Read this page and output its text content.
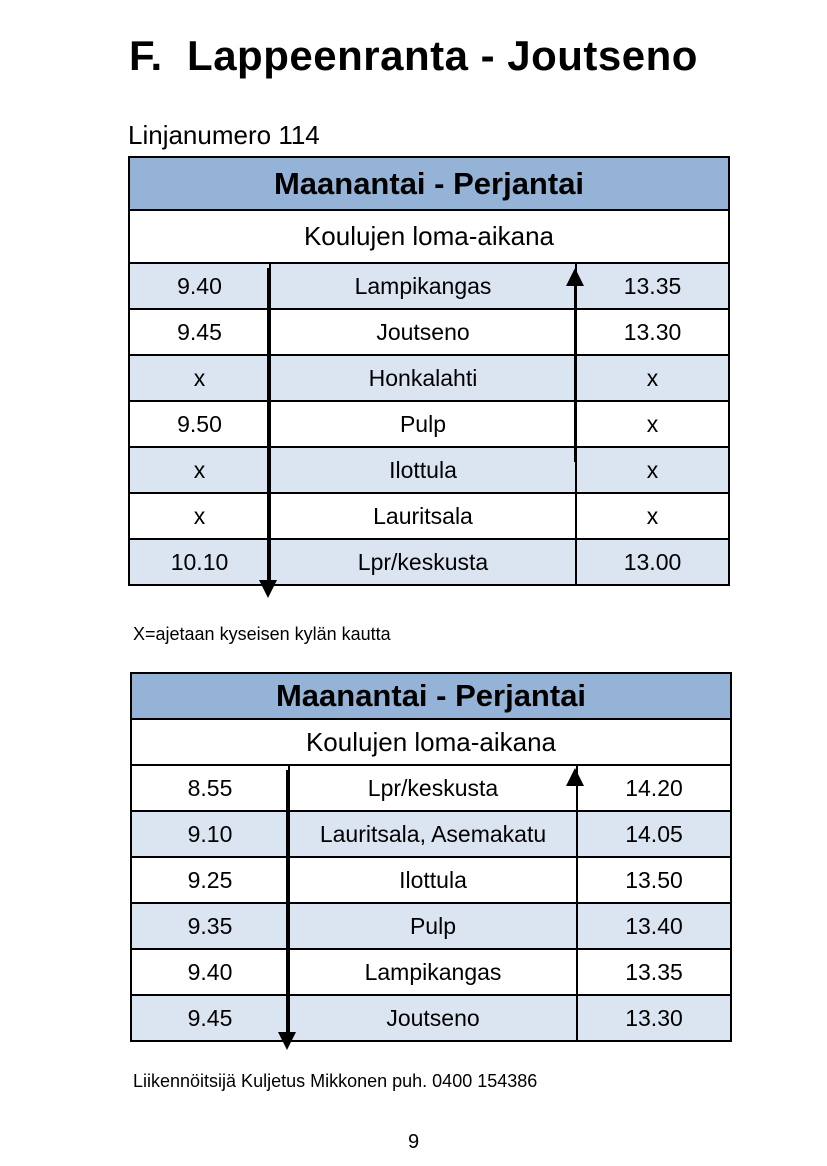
F.  Lappeenranta - Joutseno
Linjanumero 114
Maanantai - Perjantai		
Koulujen loma-aikana		
9.40	Lampikangas	13.35
9.45	Joutseno	13.30
x	Honkalahti	x
9.50	Pulp	x
x	Ilottula	x
x	Lauritsala	x
10.10	Lpr/keskusta	13.00
X=ajetaan kyseisen kylän kautta
Maanantai - Perjantai		
Koulujen loma-aikana		
8.55	Lpr/keskusta	14.20
9.10	Lauritsala, Asemakatu	14.05
9.25	Ilottula	13.50
9.35	Pulp	13.40
9.40	Lampikangas	13.35
9.45	Joutseno	13.30
Liikennöitsijä Kuljetus Mikkonen puh. 0400 154386
9
